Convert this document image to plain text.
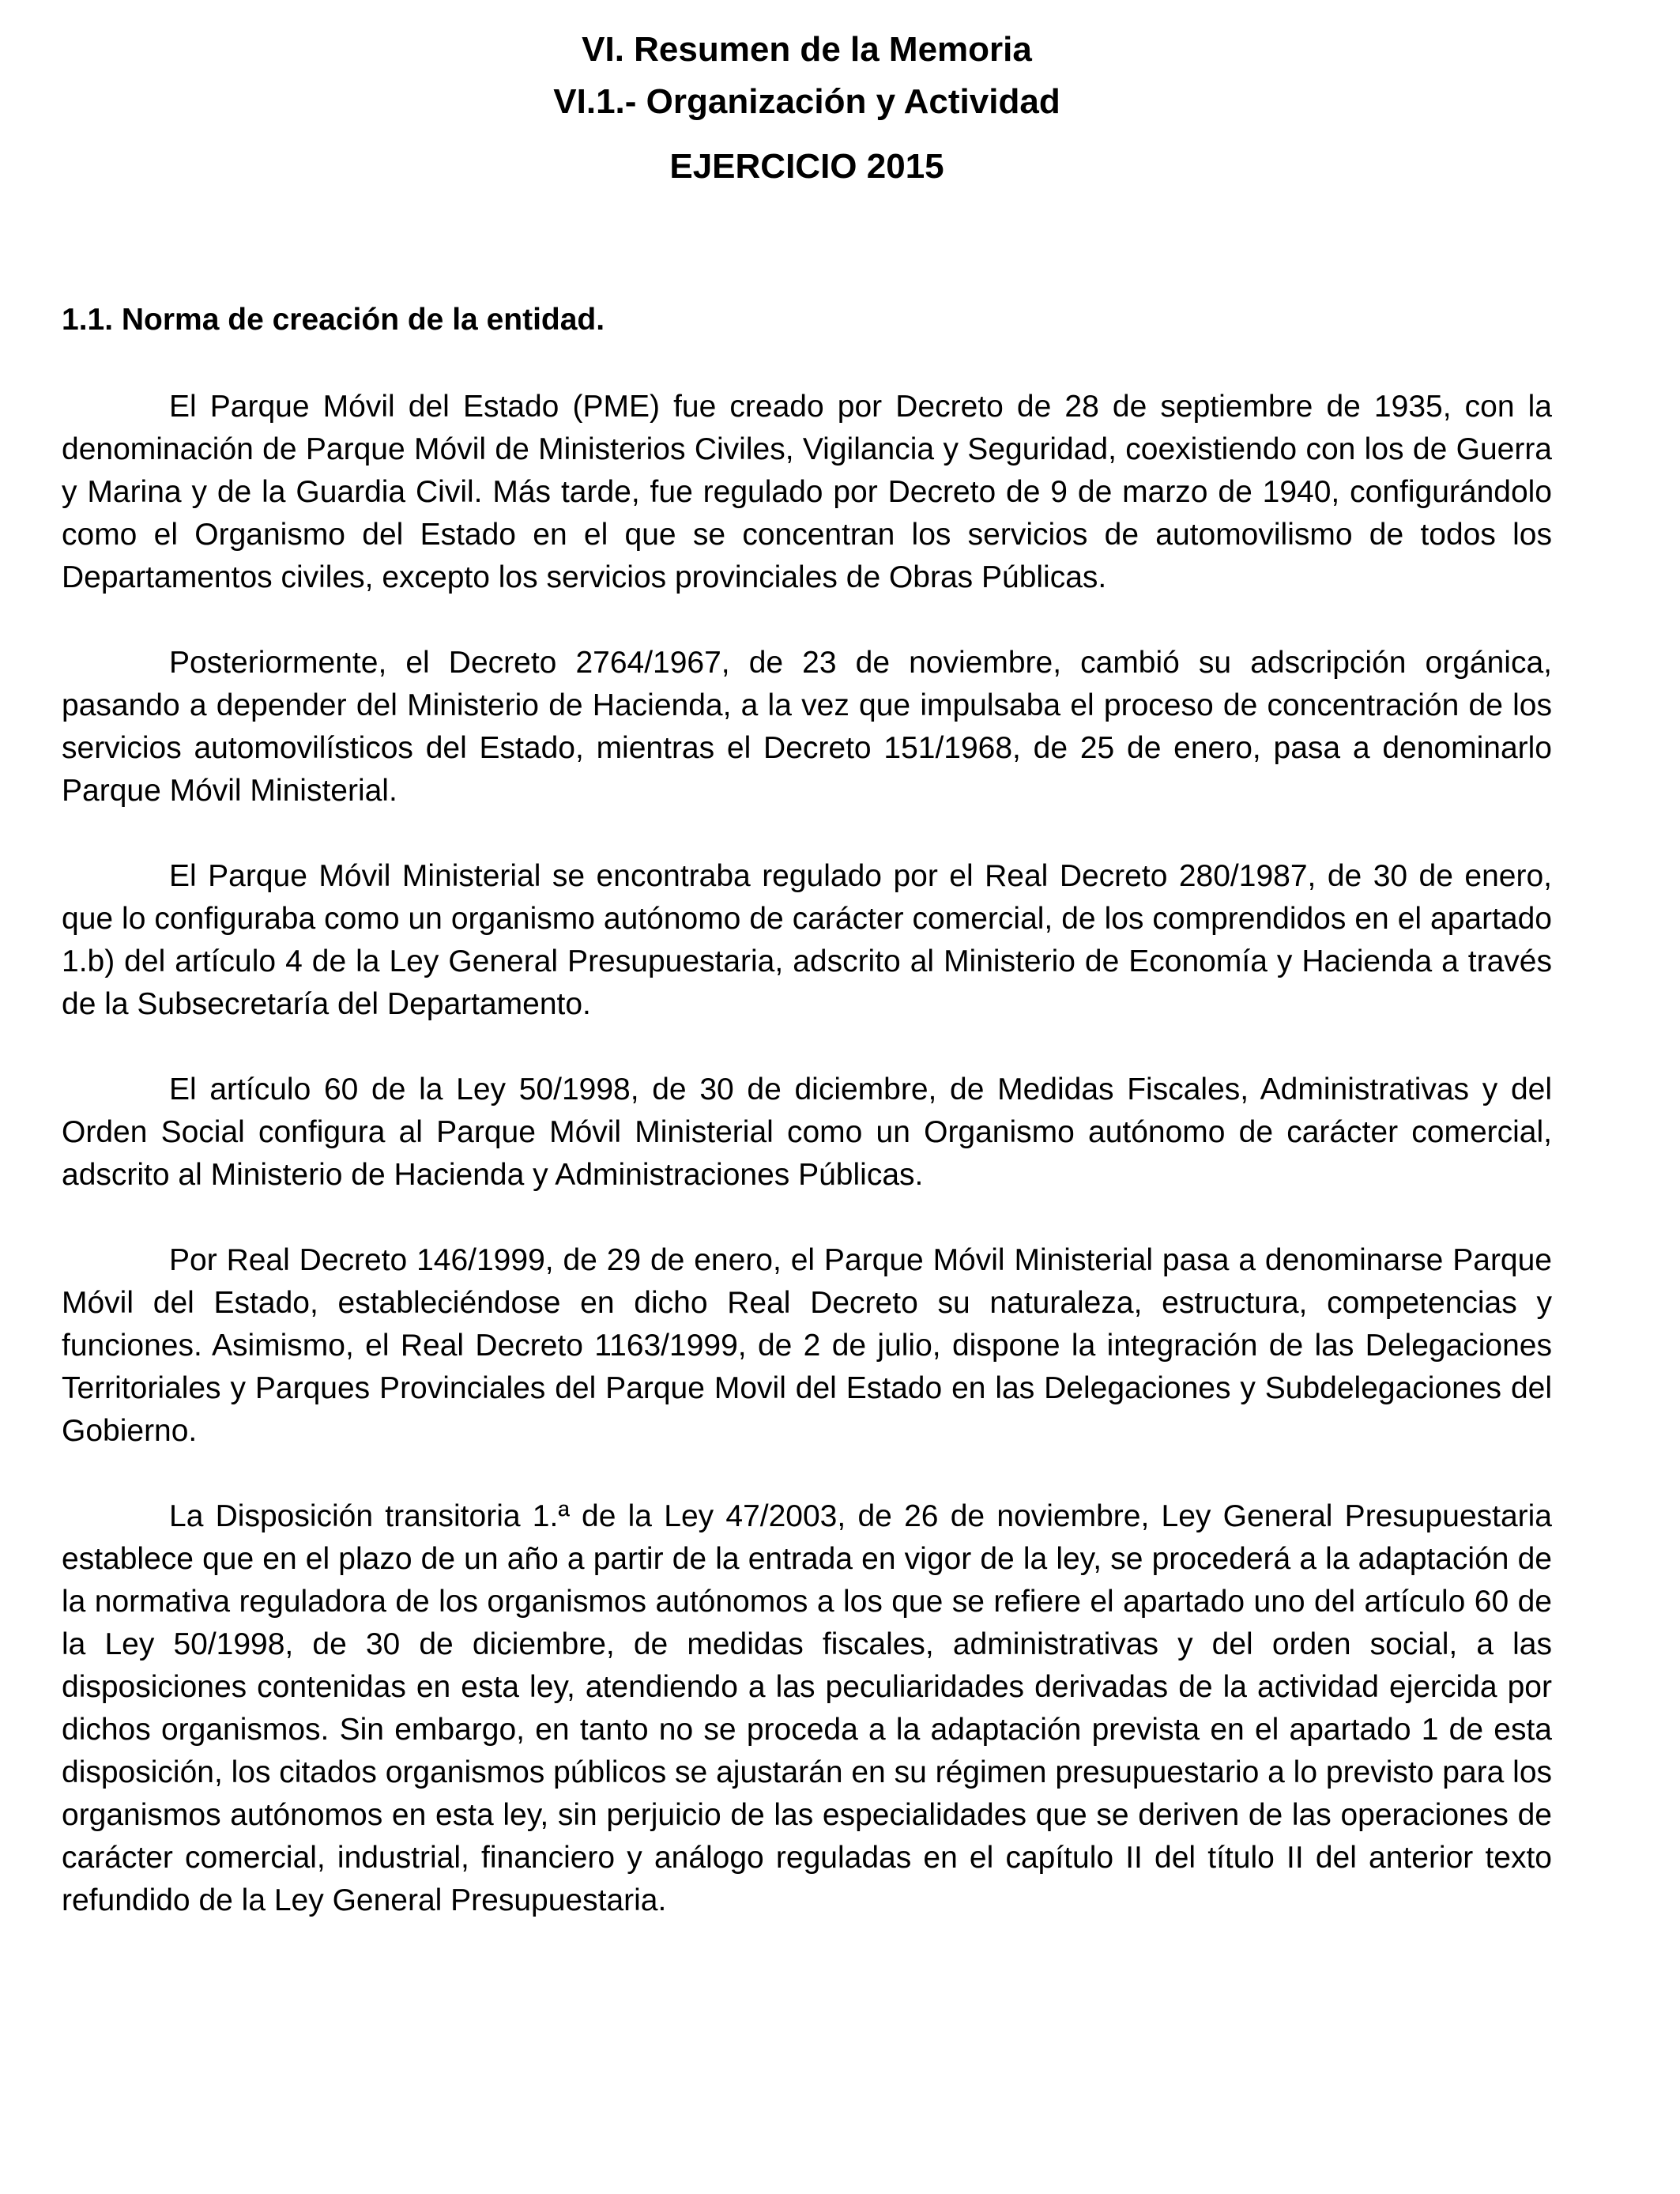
VI. Resumen de la Memoria
VI.1.- Organización y Actividad
EJERCICIO 2015
1.1. Norma de creación de la entidad.

El Parque Móvil del Estado (PME) fue creado por Decreto de 28 de septiembre de 1935, con la denominación de Parque Móvil de Ministerios Civiles, Vigilancia y Seguridad, coexistiendo con los de Guerra y Marina y de la Guardia Civil. Más tarde, fue regulado por Decreto de 9 de marzo de 1940, configurándolo como el Organismo del Estado en el que se concentran los servicios de automovilismo de todos los Departamentos civiles, excepto los servicios provinciales de Obras Públicas.

Posteriormente, el Decreto 2764/1967, de 23 de noviembre, cambió su adscripción orgánica, pasando a depender del Ministerio de Hacienda, a la vez que impulsaba el proceso de concentración de los servicios automovilísticos del Estado, mientras el Decreto 151/1968, de 25 de enero, pasa a denominarlo Parque Móvil Ministerial.

El Parque Móvil Ministerial se encontraba regulado por el Real Decreto 280/1987, de 30 de enero, que lo configuraba como un organismo autónomo de carácter comercial, de los comprendidos en el apartado 1.b) del artículo 4 de la Ley General Presupuestaria, adscrito al Ministerio de Economía y Hacienda a través de la Subsecretaría del Departamento.

El artículo 60 de la Ley 50/1998, de 30 de diciembre, de Medidas Fiscales, Administrativas y del Orden Social configura al Parque Móvil Ministerial como un Organismo autónomo de carácter comercial, adscrito al Ministerio de Hacienda y Administraciones Públicas.

Por Real Decreto 146/1999, de 29 de enero, el Parque Móvil Ministerial pasa a denominarse Parque Móvil del Estado, estableciéndose en dicho Real Decreto su naturaleza, estructura, competencias y funciones. Asimismo, el Real Decreto 1163/1999, de 2 de julio, dispone la integración de las Delegaciones Territoriales y Parques Provinciales del Parque Movil del Estado en las Delegaciones y Subdelegaciones del Gobierno.

La Disposición transitoria 1.ª de la Ley 47/2003, de 26 de noviembre, Ley General Presupuestaria establece que en el plazo de un año a partir de la entrada en vigor de la ley, se procederá a la adaptación de la normativa reguladora de los organismos autónomos a los que se refiere el apartado uno del artículo 60 de la Ley 50/1998, de 30 de diciembre, de medidas fiscales, administrativas y del orden social, a las disposiciones contenidas en esta ley, atendiendo a las peculiaridades derivadas de la actividad ejercida por dichos organismos. Sin embargo, en tanto no se proceda a la adaptación prevista en el apartado 1 de esta disposición, los citados organismos públicos se ajustarán en su régimen presupuestario a lo previsto para los organismos autónomos en esta ley, sin perjuicio de las especialidades que se deriven de las operaciones de carácter comercial, industrial, financiero y análogo reguladas en el capítulo II del título II del anterior texto refundido de la Ley General Presupuestaria.
